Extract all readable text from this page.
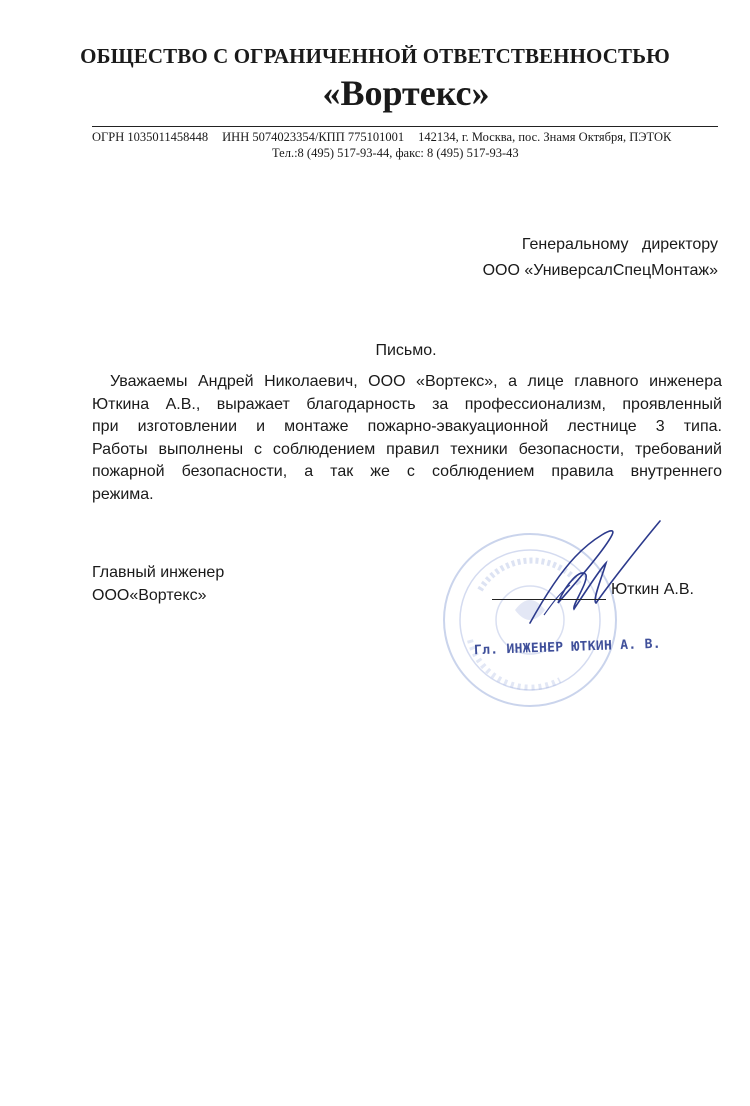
ОБЩЕСТВО С ОГРАНИЧЕННОЙ ОТВЕТСТВЕННОСТЬЮ
«Вортекс»
ОГРН 1035011458448 ИНН 5074023354/КПП 775101001 142134, г. Москва, пос. Знамя Октября, ПЭТОК
Тел.:8 (495) 517-93-44, факс: 8 (495) 517-93-43
Генеральному директору
ООО «УниверсалСпецМонтаж»
Письмо.
Уважаемы Андрей Николаевич, ООО «Вортекс», а лице главного инженера
Юткина А.В., выражает благодарность за профессионализм, проявленный
при изготовлении и монтаже пожарно-эвакуационной лестнице 3 типа.
Работы выполнены с соблюдением правил техники безопасности, требований
пожарной безопасности, а так же с соблюдением правила внутреннего
режима.
Главный инженер
ООО«Вортекс»
Гл. ИНЖЕНЕР ЮТКИН А. В.
Юткин А.В.
